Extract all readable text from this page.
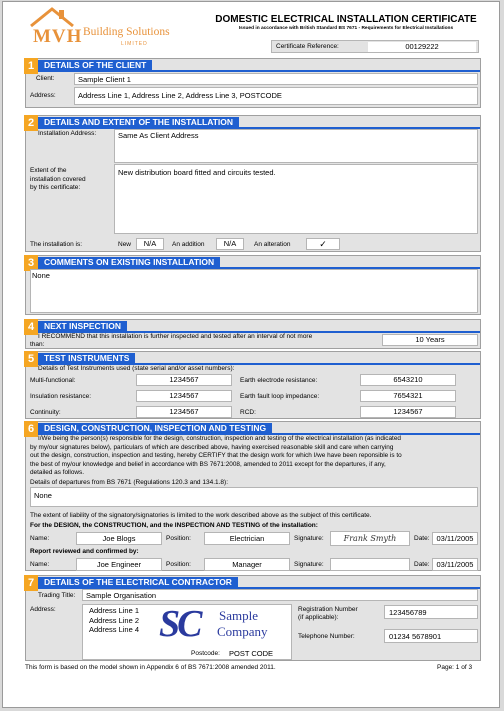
MVH Building Solutions
LIMITED
DOMESTIC ELECTRICAL INSTALLATION CERTIFICATE
Issued in accordance with British Standard BS 7671 - Requirements for Electrical Installations
Certificate Reference:	00129222
1	DETAILS OF THE CLIENT
Client:	Sample Client 1
Address:	Address Line 1, Address Line 2, Address Line 3, POSTCODE
2	DETAILS AND EXTENT OF THE INSTALLATION
Installation Address:	Same As Client Address
Extent of the
installation covered
by this certificate:
New distribution board fitted and circuits tested.
The installation is:	New	N/A	An addition	N/A	An alteration	✓
3	COMMENTS ON EXISTING INSTALLATION
None
4	NEXT INSPECTION
I RECOMMEND that this installation is further inspected and tested after an interval of not more
than:
10 Years
5	TEST INSTRUMENTS
Details of Test Instruments used (state serial and/or asset numbers):
Multi-functional:	1234567
Insulation resistance:	1234567
Continuity:	1234567
Earth electrode resistance:	6543210
Earth fault loop impedance:	7654321
RCD:	1234567
6	DESIGN, CONSTRUCTION, INSPECTION AND TESTING
I/We being the person(s) responsible for the design, construction, inspection and testing of the electrical installation (as indicated
by my/our signatures below), particulars of which are described above, having exercised reasonable skill and care when carrying
out the design, construction, inspection and testing, hereby CERTIFY that the design work for which I/we have been reponsible is to
the best of my/our knowledge and belief in accordance with BS 7671:2008, amended to 2011 except for the departures, if any,
detailed as follows.
Details of departures from BS 7671 (Regulations 120.3 and 134.1.8):
None
The extent of liability of the signatory/signatories is limited to the work described above as the subject of this certificate.
For the DESIGN, the CONSTRUCTION, and the INSPECTION AND TESTING of the installation:
Name:	Joe Blogs	Position:	Electrician	Signature:	Frank Smyth	Date: 03/11/2005
Report reviewed and confirmed by:
Name:	Joe Engineer	Position:	Manager	Signature:	Date: 03/11/2005
7	DETAILS OF THE ELECTRICAL CONTRACTOR
Trading Title: Sample Organisation
Address:	Address Line 1
Address Line 2
Address Line 4 SC Sample
Company
Postcode: POST CODE
Registration Number
(if applicable):
123456789
Telephone Number:	01234 5678901
This form is based on the model shown in Appendix 6 of BS 7671:2008 amended 2011.	Page: 1 of 3
